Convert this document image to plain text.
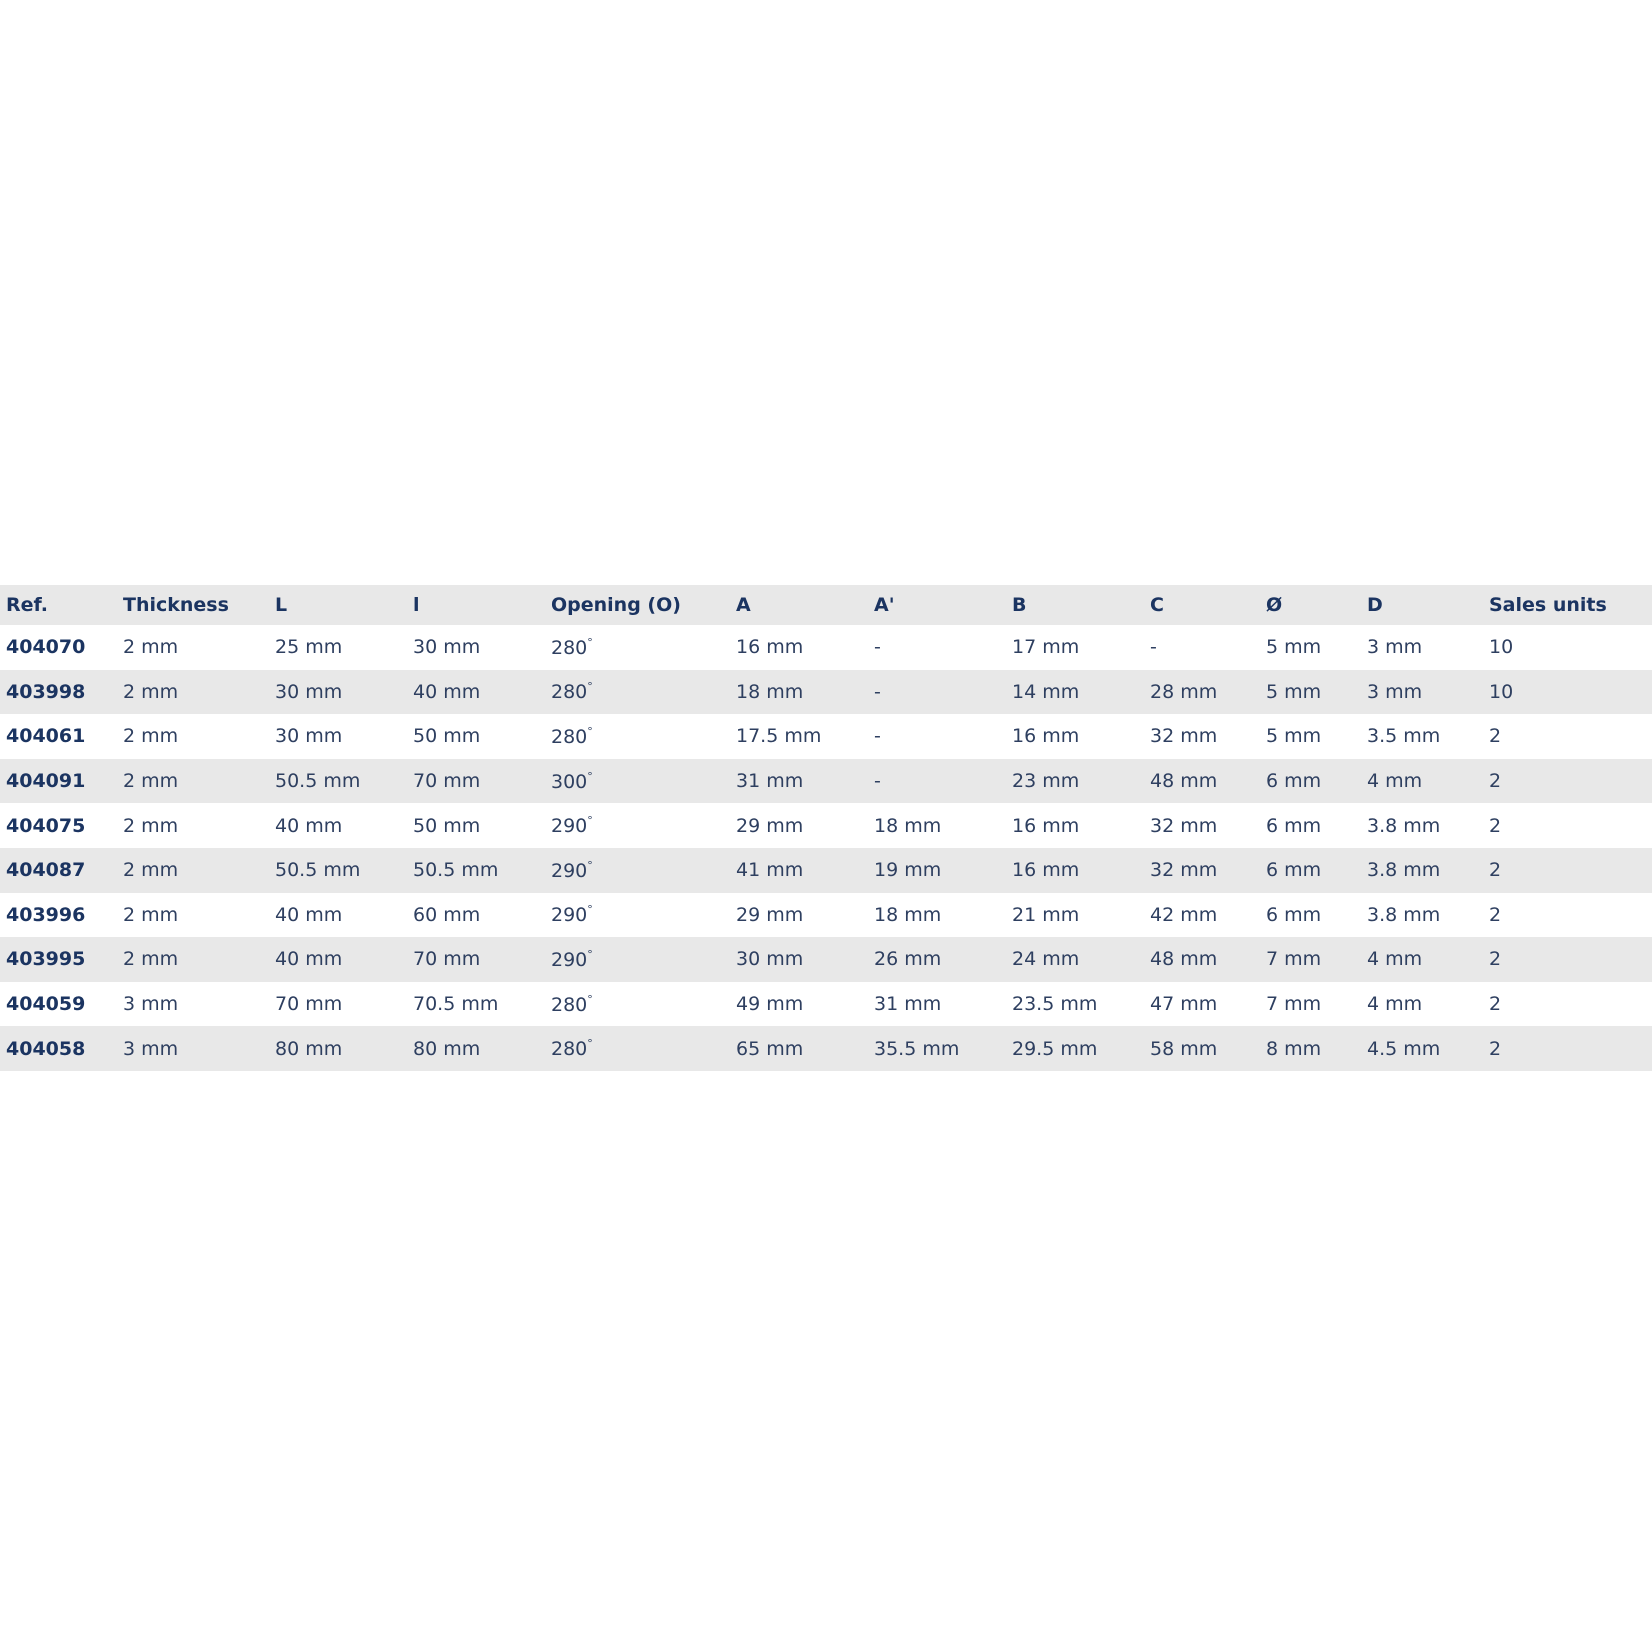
Ref.	Thickness	L	l	Opening (O)	A	A'	B	C	Ø	D	Sales units
404070	2 mm	25 mm	30 mm	280°	16 mm	-	17 mm	-	5 mm	3 mm	10
403998	2 mm	30 mm	40 mm	280°	18 mm	-	14 mm	28 mm	5 mm	3 mm	10
404061	2 mm	30 mm	50 mm	280°	17.5 mm	-	16 mm	32 mm	5 mm	3.5 mm	2
404091	2 mm	50.5 mm	70 mm	300°	31 mm	-	23 mm	48 mm	6 mm	4 mm	2
404075	2 mm	40 mm	50 mm	290°	29 mm	18 mm	16 mm	32 mm	6 mm	3.8 mm	2
404087	2 mm	50.5 mm	50.5 mm	290°	41 mm	19 mm	16 mm	32 mm	6 mm	3.8 mm	2
403996	2 mm	40 mm	60 mm	290°	29 mm	18 mm	21 mm	42 mm	6 mm	3.8 mm	2
403995	2 mm	40 mm	70 mm	290°	30 mm	26 mm	24 mm	48 mm	7 mm	4 mm	2
404059	3 mm	70 mm	70.5 mm	280°	49 mm	31 mm	23.5 mm	47 mm	7 mm	4 mm	2
404058	3 mm	80 mm	80 mm	280°	65 mm	35.5 mm	29.5 mm	58 mm	8 mm	4.5 mm	2
